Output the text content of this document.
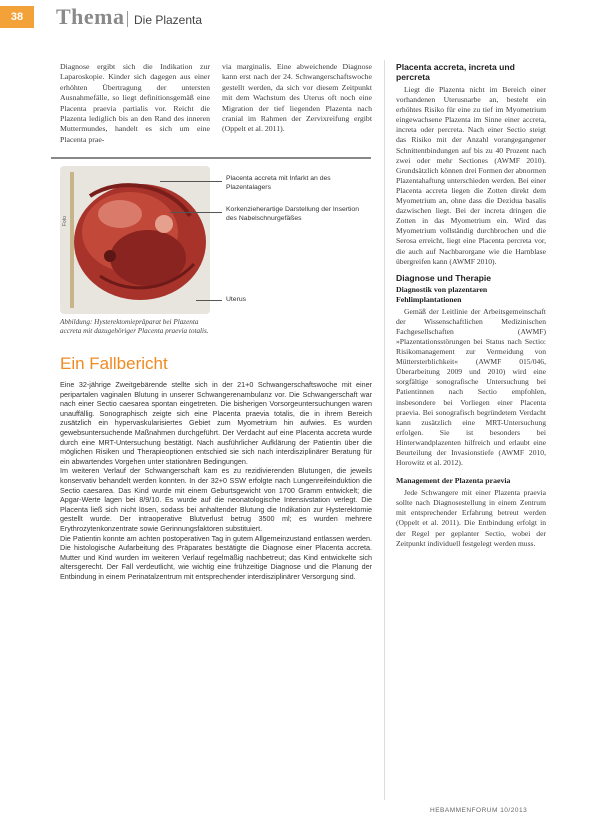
38	Thema Die Plazenta

Diagnose ergibt sich die Indikation zur Laparoskopie. Kinder sich dagegen aus einer erhöhten Übertragung der untersten Ausnahmefälle, so liegt definitionsgemäß eine Placenta praevia partialis vor. Reicht die Plazenta lediglich bis an den Rand des inneren Muttermundes, handelt es sich um eine Placenta prae-

via marginalis. Eine abweichende Diagnose kann erst nach der 24. Schwangerschaftswoche gestellt werden, da sich vor diesem Zeitpunkt mit dem Wachstum des Uterus oft noch eine Migration der tief liegenden Plazenta nach cranial im Rahmen der Zervixreifung ergibt (Oppelt et al. 2011).

Foto
Placenta accreta mit Infarkt an des Plazentalagers
Korkenzieherartige Darstellung der Insertion des Nabelschnurgefäßes
Uterus
Abbildung: Hysterektomiepräparat bei Plazenta accreta mit dazugehöriger Placenta praevia totalis.
Ein Fallbericht

Eine 32-jährige Zweitgebärende stellte sich in der 21+0 Schwangerschaftswoche mit einer peripartalen vaginalen Blutung in unserer Schwangerenambulanz vor. Die Schwangerschaft war nach einer Sectio caesarea spontan eingetreten. Die bisherigen Vorsorgeuntersuchungen waren unauffällig. Sonographisch zeigte sich eine Placenta praevia totalis, die in ihrem Bereich zusätzlich ein hypervaskularisiertes Gebiet zum Myometrium hin aufwies. Es wurden gewebsuntersuchende Maßnahmen durchgeführt. Der Verdacht auf eine Placenta accreta wurde durch eine MRT-Untersuchung bestätigt. Nach ausführlicher Aufklärung der Patientin über die möglichen Risiken und Therapieoptionen entschied sie sich nach interdisziplinärer Beratung für ein abwartendes Vorgehen unter stationären Bedingungen.

Im weiteren Verlauf der Schwangerschaft kam es zu rezidivierenden Blutungen, die jeweils konservativ behandelt werden konnten. In der 32+0 SSW erfolgte nach Lungenreifeinduktion die Sectio caesarea. Das Kind wurde mit einem Geburtsgewicht von 1700 Gramm entwickelt; die Apgar-Werte lagen bei 8/9/10. Es wurde auf die neonatologische Intensivstation verlegt. Die Placenta ließ sich nicht lösen, sodass bei anhaltender Blutung die Indikation zur Hysterektomie gestellt wurde. Der intraoperative Blutverlust betrug 3500 ml; es wurden mehrere Erythrozytenkonzentrate sowie Gerinnungsfaktoren substituiert.

Die Patientin konnte am achten postoperativen Tag in gutem Allgemeinzustand entlassen werden. Die histologische Aufarbeitung des Präparates bestätigte die Diagnose einer Placenta accreta. Mutter und Kind wurden im weiteren Verlauf regelmäßig nachbetreut; das Kind entwickelte sich altersgerecht. Der Fall verdeutlicht, wie wichtig eine frühzeitige Diagnose und die Planung der Entbindung in einem Perinatalzentrum mit entsprechender interdisziplinärer Versorgung sind.

Placenta accreta, increta und percreta

Liegt die Plazenta nicht im Bereich einer vorhandenen Uterusnarbe an, besteht ein erhöhtes Risiko für eine zu tief im Myometrium eingewachsene Plazenta im Sinne einer accreta, increta oder percreta. Nach einer Sectio steigt das Risiko mit der Anzahl vorangegangener Schnittentbindungen auf bis zu 40 Prozent nach zwei oder mehr Sectiones (AWMF 2010). Grundsätzlich können drei Formen der abnormen Plazentahaftung unterschieden werden. Bei einer Placenta accreta liegen die Zotten direkt dem Myometrium an, ohne dass die Dezidua basalis dazwischen liegt. Bei der increta dringen die Zotten in das Myometrium ein. Wird das Myometrium vollständig durchbrochen und die Serosa erreicht, liegt eine Placenta percreta vor, die auch auf Nachbarorgane wie die Harnblase übergreifen kann (AWMF 2010).

Diagnose und Therapie
Diagnostik von plazentaren Fehlimplantationen

Gemäß der Leitlinie der Arbeitsgemeinschaft der Wissenschaftlichen Medizinischen Fachgesellschaften (AWMF) »Plazentationsstörungen bei Status nach Sectio: Risikomanagement zur Vermeidung von Müttersterblichkeit« (AWMF 015/046, Überarbeitung 2009 und 2010) wird eine sorgfältige sonografische Untersuchung bei Patientinnen nach Sectio empfohlen, insbesondere bei Vorliegen einer Placenta praevia. Bei sonografisch begründetem Verdacht kann zusätzlich eine MRT-Untersuchung erfolgen. Sie ist besonders bei Hinterwandplazenten hilfreich und erlaubt eine Beurteilung der Invasionstiefe (AWMF 2010, Horowitz et al. 2012).

Management der Plazenta praevia

Jede Schwangere mit einer Plazenta praevia sollte nach Diagnosestellung in einem Zentrum mit entsprechender Erfahrung betreut werden (Oppelt et al. 2011). Die Entbindung erfolgt in der Regel per geplanter Sectio, wobei der Zeitpunkt individuell festgelegt werden muss.

HEBAMMENFORUM 10/2013
